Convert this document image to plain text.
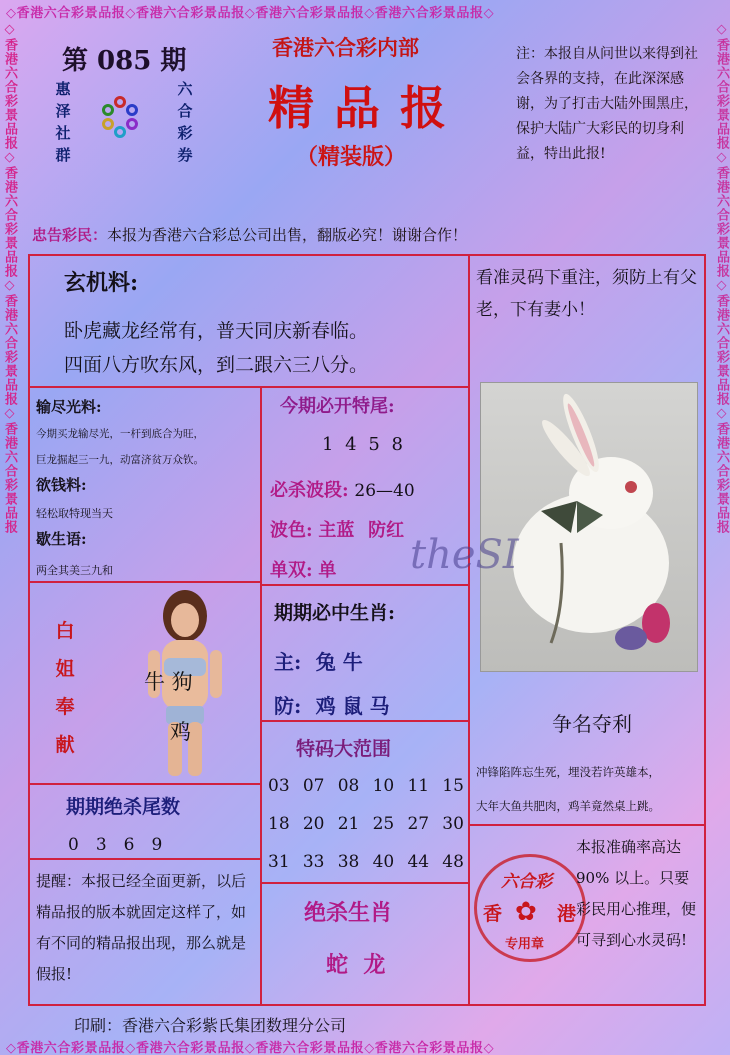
◇香港六合彩景品报◇香港六合彩景品报◇香港六合彩景品报◇香港六合彩景品报◇
◇香港六合彩景品报◇香港六合彩景品报◇香港六合彩景品报◇香港六合彩景品报◇
◇香港六合彩景品报◇香港六合彩景品报◇香港六合彩景品报◇香港六合彩景品报	◇香港六合彩景品报◇香港六合彩景品报◇香港六合彩景品报◇香港六合彩景品报
第 085 期
惠
泽
社
群
六
合
彩
券
香港六合彩内部
精 品 报
（精装版）
注：本报自从问世以来得到社会各界的支持，在此深深感谢，为了打击大陆外围黑庄，保护大陆广大彩民的切身利益，特出此报!
忠告彩民：本报为香港六合彩总公司出售，翻版必究！谢谢合作！
玄机料:
卧虎藏龙经常有，普天同庆新春临。
四面八方吹东风，到二跟六三八分。
看准灵码下重注，须防上有父老，下有妻小！
输尽光料:
今期买龙输尽光，一杆到底合为旺，
巨龙掘起三一九，动富济贫万众钦。
欲钱料:
轻松取特现当天
歇生语:
两全其美三九和
今期必开特尾:
1 4 5 8
必杀波段: 26—40
波色: 主蓝 防红
单双: 单 theSI
期期必中生肖:
主: 兔 牛
防: 鸡 鼠 马
白
姐
奉
献
牛 狗
鸡
特码大范围
03 07 08 10 11 15
18 20 21 25 27 30
31 33 38 40 44 48
期期绝杀尾数
0　3　6　9
提醒：本报已经全面更新，以后精品报的版本就固定这样了，如有不同的精品报出现，那么就是假报!
绝杀生肖
蛇  龙
争名夺利
冲锋陷阵忘生死，埋没若许英雄本，
大年大鱼共肥肉，鸡羊竟然桌上跳。
六合彩
香	港
✿
专用章
本报准确率高达 90% 以上。只要彩民用心推理，便可寻到心水灵码!
印刷：香港六合彩紫氏集团数理分公司
